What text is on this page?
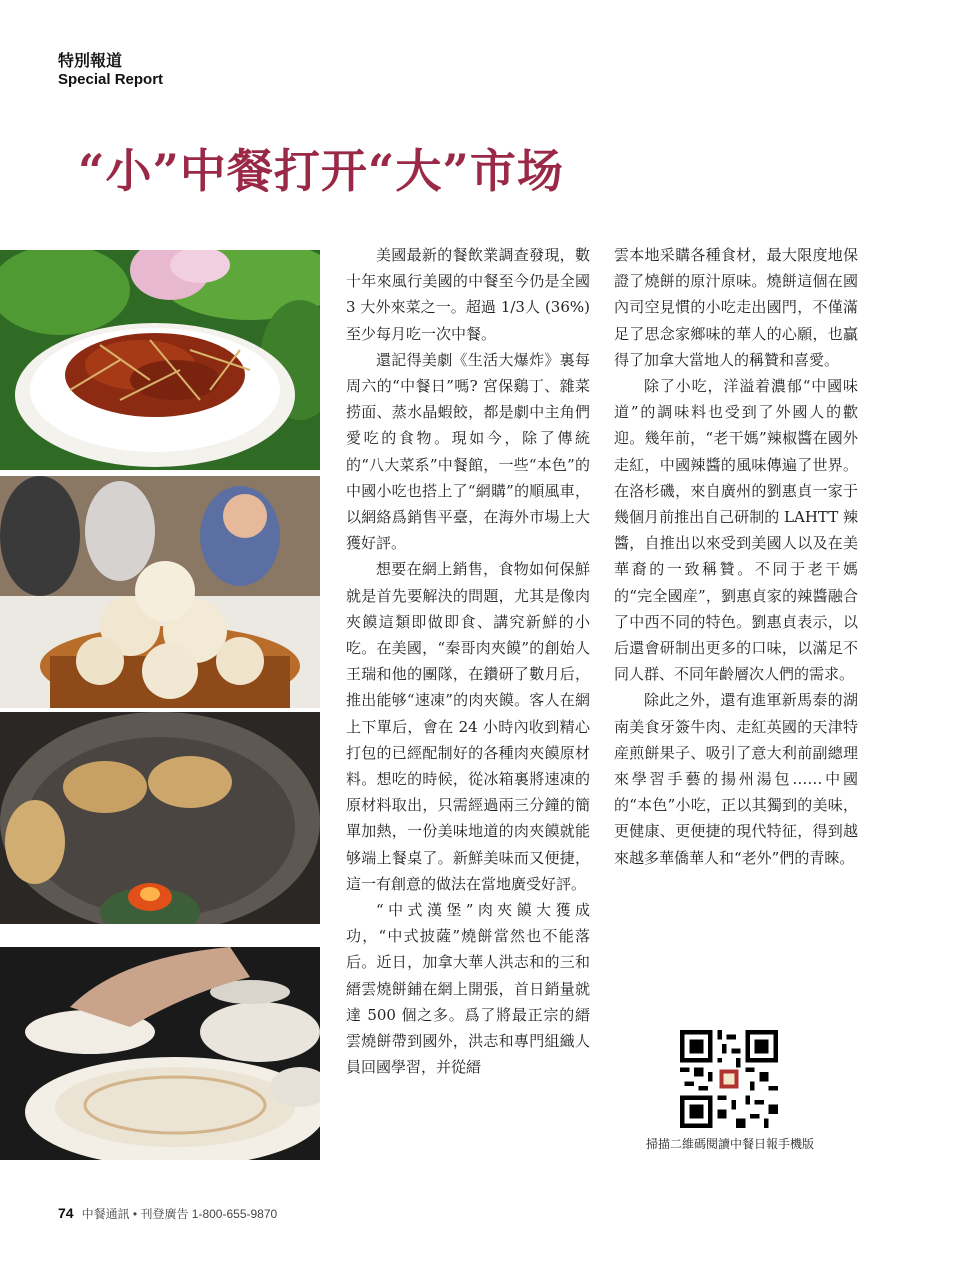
特別報道
Special Report
“小”中餐打开“大”市场

美國最新的餐飲業調查發現，數十年來風行美國的中餐至今仍是全國 3 大外來菜之一。超過 1/3人 (36%) 至少每月吃一次中餐。

還記得美劇《生活大爆炸》裏每周六的“中餐日”嗎? 宮保鷄丁、雜菜捞面、蒸水晶蝦餃，都是劇中主角們愛吃的食物。現如今，除了傳統的“八大菜系”中餐館，一些“本色”的中國小吃也搭上了“網購”的順風車，以網絡爲銷售平臺，在海外市場上大獲好評。

想要在網上銷售，食物如何保鮮就是首先要解決的問題，尤其是像肉夾饃這類即做即食、講究新鮮的小吃。在美國，“秦哥肉夾饃”的創始人王瑞和他的團隊，在鑽研了數月后，推出能够“速凍”的肉夾饃。客人在網上下單后，會在 24 小時內收到精心打包的已經配制好的各種肉夾饃原材料。想吃的時候，從冰箱裏將速凍的原材料取出，只需經過兩三分鐘的簡單加熱，一份美味地道的肉夾饃就能够端上餐桌了。新鮮美味而又便捷，這一有創意的做法在當地廣受好評。

“中式漢堡”肉夾饃大獲成功，“中式披薩”燒餅當然也不能落后。近日，加拿大華人洪志和的三和縉雲燒餅鋪在網上開張，首日銷量就達 500 個之多。爲了將最正宗的縉雲燒餅帶到國外，洪志和專門組織人員回國學習，并從縉

雲本地采購各種食材，最大限度地保證了燒餅的原汁原味。燒餅這個在國內司空見慣的小吃走出國門，不僅滿足了思念家鄉味的華人的心願，也贏得了加拿大當地人的稱贊和喜愛。

除了小吃，洋溢着濃郁“中國味道”的調味料也受到了外國人的歡迎。幾年前，“老干媽”辣椒醬在國外走紅，中國辣醬的風味傳遍了世界。在洛杉磯，來自廣州的劉惠貞一家于幾個月前推出自己研制的 LAHTT 辣醬，自推出以來受到美國人以及在美華裔的一致稱贊。不同于老干媽的“完全國産”，劉惠貞家的辣醬融合了中西不同的特色。劉惠貞表示，以后還會研制出更多的口味，以滿足不同人群、不同年齡層次人們的需求。

除此之外，還有進軍新馬泰的湖南美食牙簽牛肉、走紅英國的天津特産煎餅果子、吸引了意大利前副總理來學習手藝的揚州湯包……中國的“本色”小吃，正以其獨到的美味，更健康、更便捷的現代特征，得到越來越多華僑華人和“老外”們的青睞。

掃描二維碼閱讀中餐日報手機版
74 中餐通訊 • 刊登廣告 1-800-655-9870
